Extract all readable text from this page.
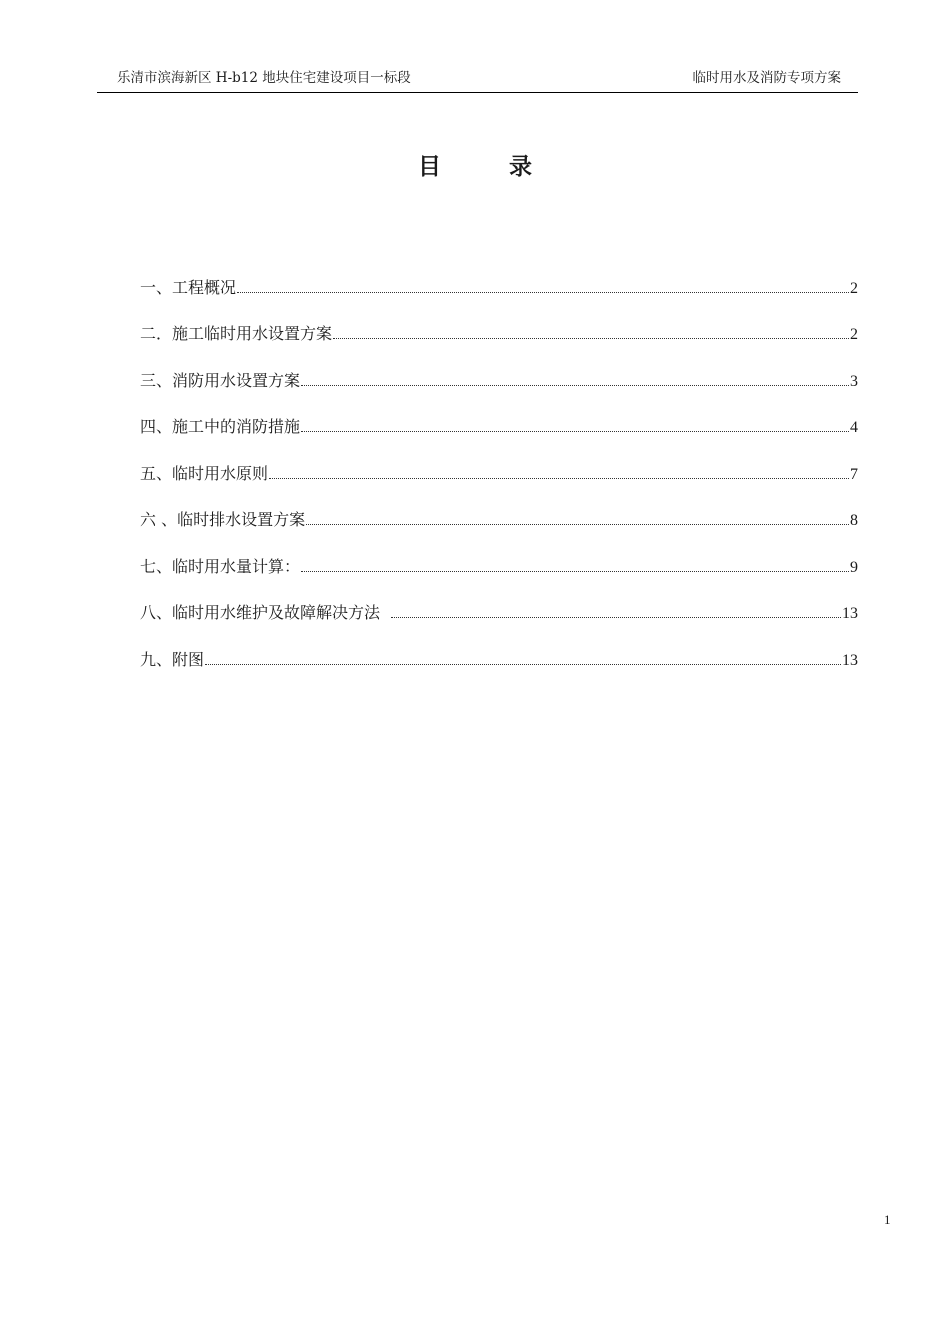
乐清市滨海新区 H-b12 地块住宅建设项目一标段	临时用水及消防专项方案
目	录
一、工程概况	2
二．施工临时用水设置方案	2
三、消防用水设置方案	3
四、施工中的消防措施	4
五、临时用水原则	7
六 、临时排水设置方案	8
七、临时用水量计算：	9
八、临时用水维护及故障解决方法	13
九、附图	13
1
